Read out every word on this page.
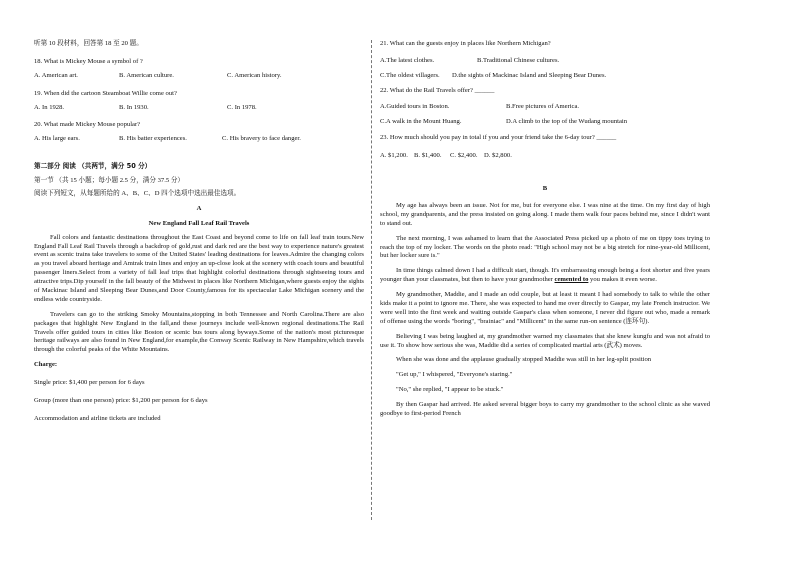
听第 10 段材料，回答第 18 至 20 题。

18. What is Mickey Mouse a symbol of ?

A. American art.	B. American culture.	C. American history.

19. When did the cartoon Steamboat Willie come out?

A. In 1928.	B. In 1930.	C. In 1978.

20. What made Mickey Mouse popular?

A. His large ears.	B. His batter experiences.	C. His bravery to face danger.

第二部分 阅读 （共两节，满分 50 分）

第一节 （共 15 小题；每小题 2.5 分，满分 37.5 分）

阅读下列短文，从每题所给的 A、B、C、D 四个选项中选出最佳选项。

A

New England Fall Leaf Rail Travels

Fall colors and fantastic destinations throughout the East Coast and beyond come to life on fall leaf train tours.New England Fall Leaf Rail Travels through a backdrop of gold,rust and dark red are the best way to experience nature's greatest event as scenic trains take travelers to some of the United States' leading destinations for leaves.Admire the changing colors as you travel aboard heritage and Amtrak train lines and enjoy an up-close look at the scenery with coach tours and beautiful passenger liners.Select from a variety of fall leaf trips that highlight colorful destinations through sightseeing tours and attractive trips.Dip yourself in the fall beauty of the Midwest in places like Northern Michigan,where guests enjoy the sights of Mackinac Island and Sleeping Bear Dunes,and Door County,famous for its spectacular Lake Michigan scenery and the endless wide countryside.

Travelers can go to the striking Smoky Mountains,stopping in both Tennessee and North Carolina.There are also packages that highlight New England in the fall,and these journeys include well-known regional destinations.The Rail Travels offer guided tours in cities like Boston or scenic bus tours along byways.Some of the nation's most picturesque heritage railways are also found in New England,for example,the Conway Scenic Railway in New Hampshire,which travels through the colorful peaks of the White Mountains.

Charge:

Single price: $1,400 per person for 6 days

Group (more than one person) price: $1,200 per person for 6 days

Accommodation and airline tickets are included

21. What can the guests enjoy in places like Northern Michigan?

A.The latest clothes.	B.Traditional Chinese cultures.
C.The oldest villagers.	D.the sights of Mackinac Island and Sleeping Bear Dunes.

22. What do the Rail Travels offer? ______

A.Guided tours in Boston.	B.Free pictures of America.
C.A walk in the Mount Huang.	D.A climb to the top of the Wudang mountain

23. How much should you pay in total if you and your friend take the 6-day tour? ______

A. $1,200. B. $1,400.	C. $2,400. D. $2,800.

B

My age has always been an issue. Not for me, but for everyone else. I was nine at the time. On my first day of high school, my grandparents, and the press insisted on going along. I made them walk four paces behind me, since I didn't want to stand out.

The next morning, I was ashamed to learn that the Associated Press picked up a photo of me on tippy toes trying to reach the top of my locker. The words on the photo read: "High school may not be a big stretch for nine-year-old Millicent, but her locker sure is."

In time things calmed down I had a difficult start, though. It's embarrassing enough being a foot shorter and five years younger than your classmates, but then to have your grandmother cemented to you makes it even worse.

My grandmother, Maddie, and I made an odd couple, but at least it meant I had somebody to talk to while the other kids make it a point to ignore me. There, she was expected to hand me over directly to Gaspar, my late French instructor. We were well into the first week and waiting outside Gaspar's class when someone, I never did figure out who, made a remark of offense using the words "boring", "brainiac" and "Millicent" in the same run-on sentence (连环句).

Believing I was being laughed at, my grandmother warned my classmates that she knew kungfu and was not afraid to use it. To show how serious she was, Maddie did a series of complicated martial arts (武术) moves.

When she was done and the applause gradually stopped Maddie was still in her leg-split position

"Get up," I whispered, "Everyone's staring."

"No," she replied, "I appear to be stuck."

By then Gaspar had arrived. He asked several bigger boys to carry my grandmother to the school clinic as she waved goodbye to first-period French
